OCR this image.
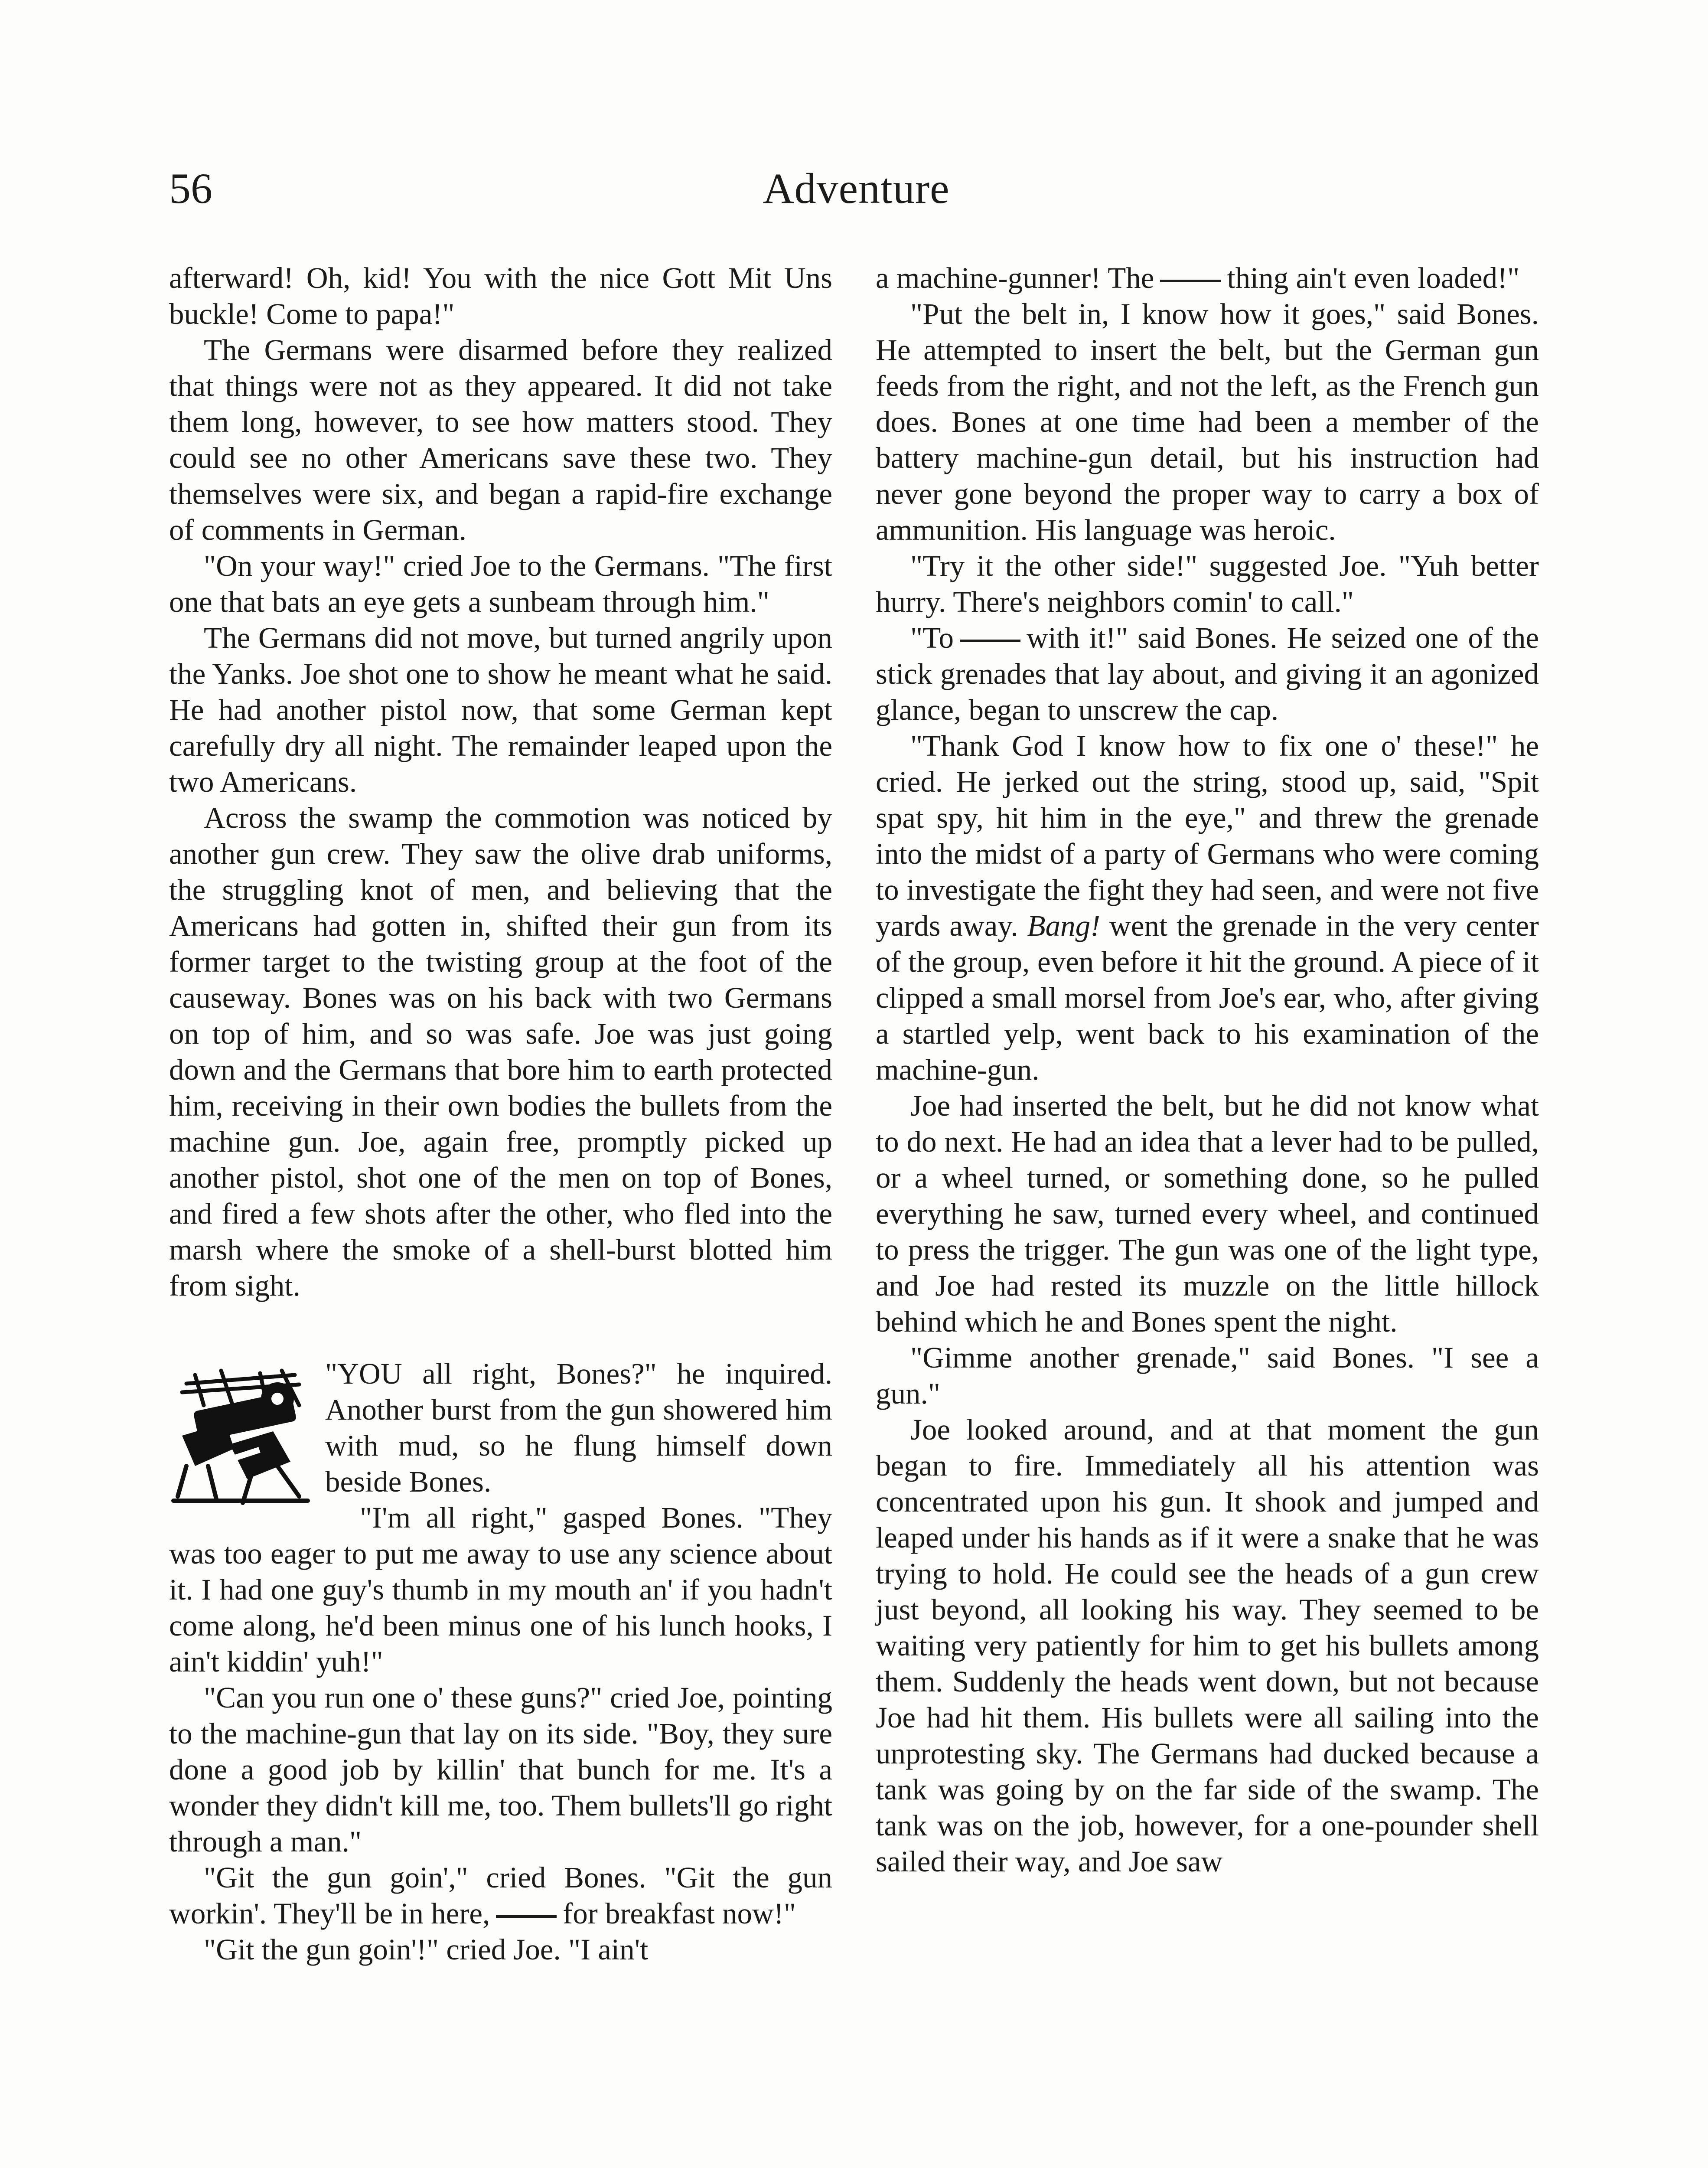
56	Adventure

afterward! Oh, kid! You with the nice Gott Mit Uns buckle! Come to papa!"

The Germans were disarmed before they realized that things were not as they appeared. It did not take them long, however, to see how matters stood. They could see no other Americans save these two. They themselves were six, and began a rapid-fire exchange of comments in German.

"On your way!" cried Joe to the Germans. "The first one that bats an eye gets a sunbeam through him."

The Germans did not move, but turned angrily upon the Yanks. Joe shot one to show he meant what he said. He had another pistol now, that some German kept carefully dry all night. The remainder leaped upon the two Americans.

Across the swamp the commotion was noticed by another gun crew. They saw the olive drab uniforms, the struggling knot of men, and believing that the Americans had gotten in, shifted their gun from its former target to the twisting group at the foot of the causeway. Bones was on his back with two Germans on top of him, and so was safe. Joe was just going down and the Germans that bore him to earth protected him, receiving in their own bodies the bullets from the machine gun. Joe, again free, promptly picked up another pistol, shot one of the men on top of Bones, and fired a few shots after the other, who fled into the marsh where the smoke of a shell-burst blotted him from sight.

"YOU all right, Bones?" he inquired. Another burst from the gun showered him with mud, so he flung himself down beside Bones.

"I'm all right," gasped Bones. "They was too eager to put me away to use any science about it. I had one guy's thumb in my mouth an' if you hadn't come along, he'd been minus one of his lunch hooks, I ain't kiddin' yuh!"

"Can you run one o' these guns?" cried Joe, pointing to the machine-gun that lay on its side. "Boy, they sure done a good job by killin' that bunch for me. It's a wonder they didn't kill me, too. Them bullets'll go right through a man."

"Git the gun goin'," cried Bones. "Git the gun workin'. They'll be in here, for breakfast now!"

"Git the gun goin'!" cried Joe. "I ain't

a machine-gunner! The thing ain't even loaded!"

"Put the belt in, I know how it goes," said Bones. He attempted to insert the belt, but the German gun feeds from the right, and not the left, as the French gun does. Bones at one time had been a member of the battery machine-gun detail, but his instruction had never gone beyond the proper way to carry a box of ammunition. His language was heroic.

"Try it the other side!" suggested Joe. "Yuh better hurry. There's neighbors comin' to call."

"To with it!" said Bones. He seized one of the stick grenades that lay about, and giving it an agonized glance, began to unscrew the cap.

"Thank God I know how to fix one o' these!" he cried. He jerked out the string, stood up, said, "Spit spat spy, hit him in the eye," and threw the grenade into the midst of a party of Germans who were coming to investigate the fight they had seen, and were not five yards away. Bang! went the grenade in the very center of the group, even before it hit the ground. A piece of it clipped a small morsel from Joe's ear, who, after giving a startled yelp, went back to his examination of the machine-gun.

Joe had inserted the belt, but he did not know what to do next. He had an idea that a lever had to be pulled, or a wheel turned, or something done, so he pulled everything he saw, turned every wheel, and continued to press the trigger. The gun was one of the light type, and Joe had rested its muzzle on the little hillock behind which he and Bones spent the night.

"Gimme another grenade," said Bones. "I see a gun."

Joe looked around, and at that moment the gun began to fire. Immediately all his attention was concentrated upon his gun. It shook and jumped and leaped under his hands as if it were a snake that he was trying to hold. He could see the heads of a gun crew just beyond, all looking his way. They seemed to be waiting very patiently for him to get his bullets among them. Suddenly the heads went down, but not because Joe had hit them. His bullets were all sailing into the unprotesting sky. The Germans had ducked because a tank was going by on the far side of the swamp. The tank was on the job, however, for a one-pounder shell sailed their way, and Joe saw
